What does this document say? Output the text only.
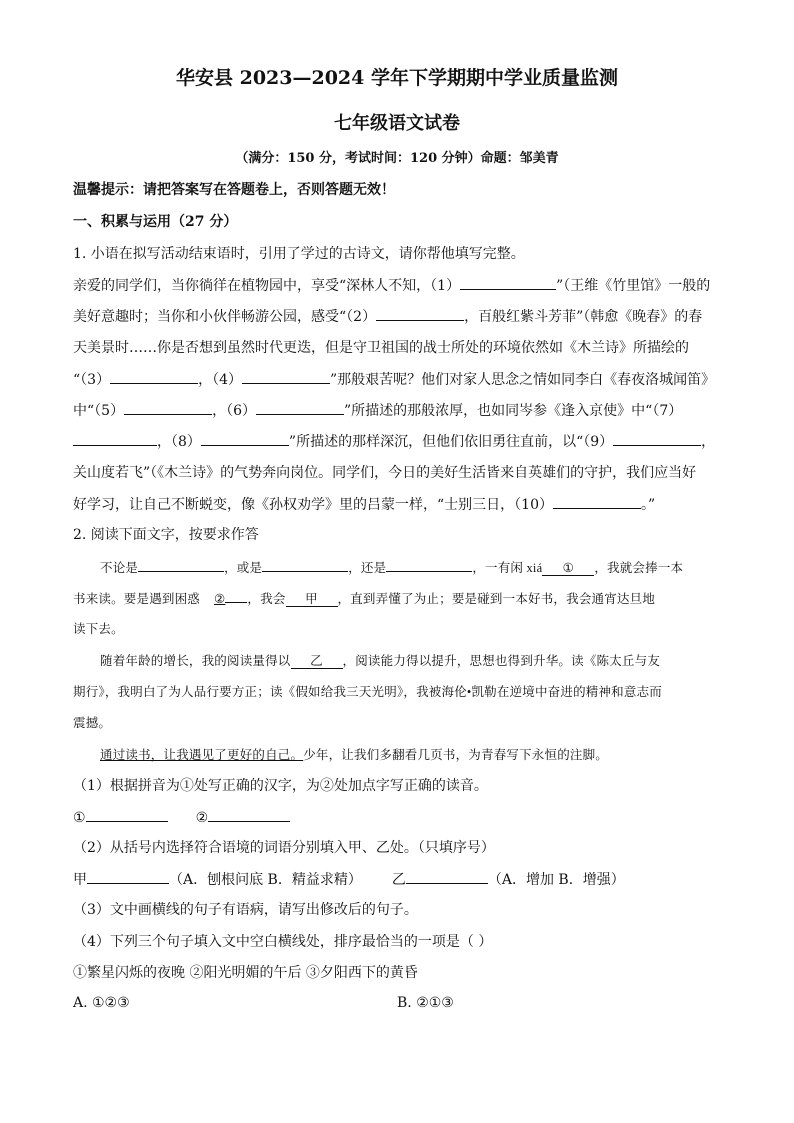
华安县 2023—2024 学年下学期期中学业质量监测
七年级语文试卷
（满分：150 分，考试时间：120 分钟）命题：邹美青
温馨提示：请把答案写在答题卷上，否则答题无效！
一、积累与运用（27 分）
1. 小语在拟写活动结束语时，引用了学过的古诗文，请你帮他填写完整。
亲爱的同学们，当你徜徉在植物园中，享受“深林人不知，（1）	”（王维《竹里馆》一般的
美好意趣时；当你和小伙伴畅游公园，感受“（2）	，百般红紫斗芳菲”（韩愈《晚春》的春
天美景时……你是否想到虽然时代更迭，但是守卫祖国的战士所处的环境依然如《木兰诗》所描绘的
“（3）	，（4）	”那般艰苦呢？他们对家人思念之情如同李白《春夜洛城闻笛》
中“（5）	，（6）	”所描述的那般浓厚，也如同岑参《逢入京使》中“（7）
，（8）	”所描述的那样深沉，但他们依旧勇往直前，以“（9）	，
关山度若飞”（《木兰诗》的气势奔向岗位。同学们，今日的美好生活皆来自英雄们的守护，我们应当好
好学习，让自己不断蜕变，像《孙权劝学》里的吕蒙一样，“士别三日，（10）	。”
2. 阅读下面文字，按要求作答
不论是	，或是	，还是	，一有闲 xiá ① ，我就会捧一本
书来读。要是遇到困惑 ② ，我会 甲 ，直到弄懂了为止；要是碰到一本好书，我会通宵达旦地
读下去。
随着年龄的增长，我的阅读量得以 乙 ，阅读能力得以提升，思想也得到升华。读《陈太丘与友
期行》，我明白了为人品行要方正；读《假如给我三天光明》，我被海伦•凯勒在逆境中奋进的精神和意志而
震撼。
通过读书，让我遇见了更好的自己。少年，让我们多翻看几页书，为青春写下永恒的注脚。
（1）根据拼音为①处写正确的汉字，为②处加点字写正确的读音。
①	②
（2）从括号内选择符合语境的词语分别填入甲、乙处。（只填序号）
甲	（A．刨根问底 B．精益求精） 乙	（A．增加 B．增强）
（3）文中画横线的句子有语病，请写出修改后的句子。
（4）下列三个句子填入文中空白横线处，排序最恰当的一项是（ ）
①繁星闪烁的夜晚 ②阳光明媚的午后 ③夕阳西下的黄昏
A. ①②③	B. ②①③
